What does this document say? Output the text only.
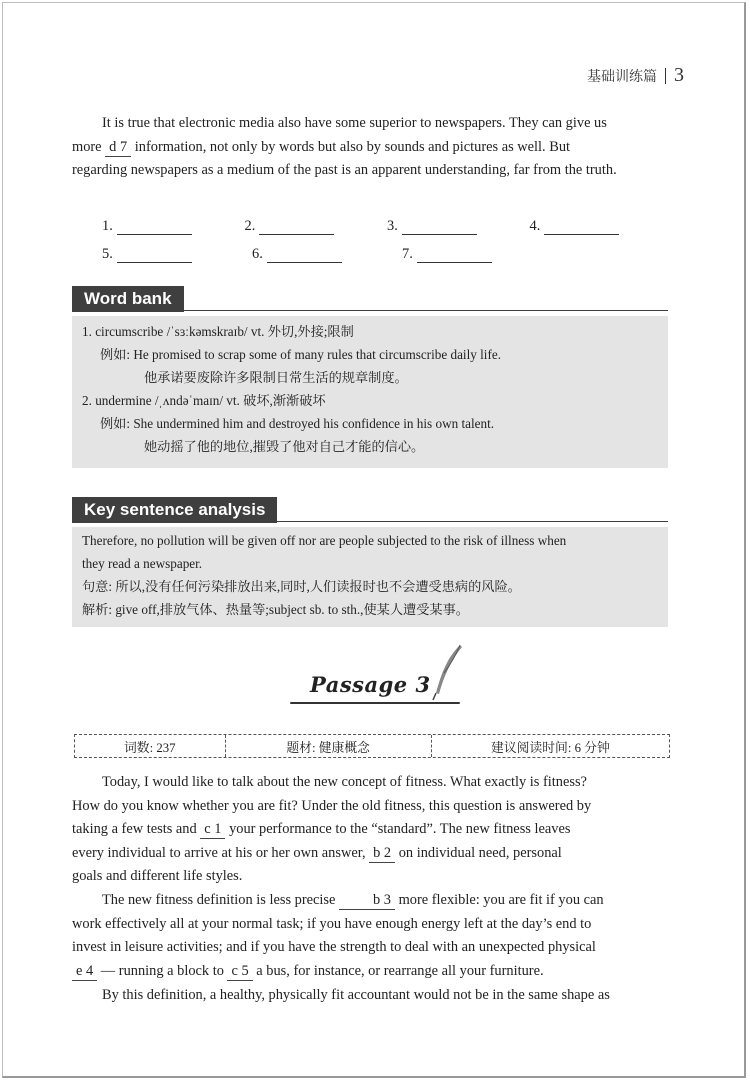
基础训练篇 3
It is true that electronic media also have some superior to newspapers. They can give us
more d 7 information, not only by words but also by sounds and pictures as well. But
regarding newspapers as a medium of the past is an apparent understanding, far from the truth.
1.	2.	3.	4.
5.	6.	7.
Word bank
1. circumscribe /ˈsɜːkəmskraɪb/ vt. 外切,外接;限制
例如: He promised to scrap some of many rules that circumscribe daily life.
他承诺要废除许多限制日常生活的规章制度。
2. undermine /ˌʌndəˈmaɪn/ vt. 破坏,渐渐破坏
例如: She undermined him and destroyed his confidence in his own talent.
她动摇了他的地位,摧毁了他对自己才能的信心。
Key sentence analysis
Therefore, no pollution will be given off nor are people subjected to the risk of illness when
they read a newspaper.
句意: 所以,没有任何污染排放出来,同时,人们读报时也不会遭受患病的风险。
解析: give off,排放气体、热量等;subject sb. to sth.,使某人遭受某事。
Passage 3
词数: 237	题材: 健康概念	建议阅读时间: 6 分钟
Today, I would like to talk about the new concept of fitness. What exactly is fitness?
How do you know whether you are fit? Under the old fitness, this question is answered by
taking a few tests and c 1 your performance to the “standard”. The new fitness leaves
every individual to arrive at his or her own answer, b 2 on individual need, personal
goals and different life styles.
The new fitness definition is less precise b 3 more flexible: you are fit if you can
work effectively all at your normal task; if you have enough energy left at the day’s end to
invest in leisure activities; and if you have the strength to deal with an unexpected physical
e 4 — running a block to c 5 a bus, for instance, or rearrange all your furniture.
By this definition, a healthy, physically fit accountant would not be in the same shape as
